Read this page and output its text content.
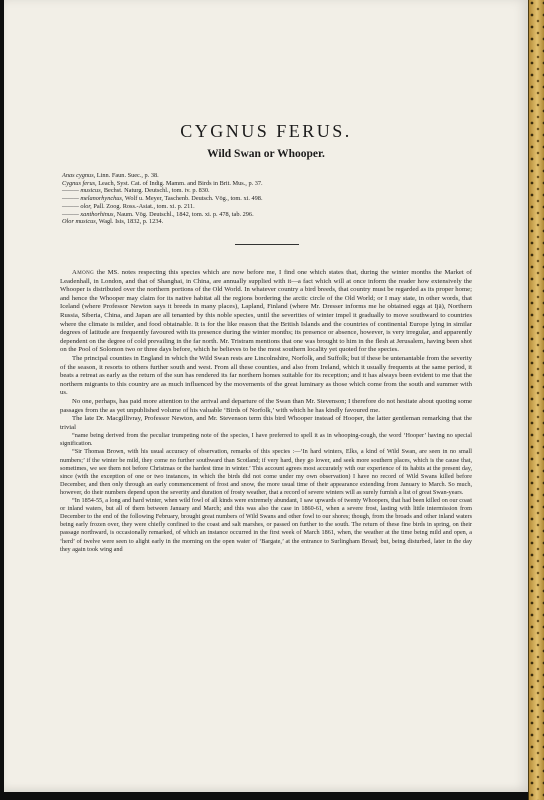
CYGNUS FERUS.
Wild Swan or Whooper.
Anas cygnus, Linn. Faun. Suec., p. 38.
Cygnus ferus, Leach, Syst. Cat. of Indig. Mamm. and Birds in Brit. Mus., p. 37.
——— musicus, Bechst. Naturg. Deutschl., tom. iv. p. 830.
——— melanorhynchus, Wolf u. Meyer, Taschenb. Deutsch. Vög., tom. xi. 498.
——— olor, Pall. Zoog. Ross.-Asiat., tom. xi. p. 211.
——— xanthorhinus, Naum. Vög. Deutschl., 1842, tom. xi. p. 478, tab. 296.
Olor musicus, Wagl. Isis, 1832, p. 1234.

Among the MS. notes respecting this species which are now before me, I find one which states that, during the winter months the Market of Leadenhall, in London, and that of Shanghai, in China, are annually supplied with it—a fact which will at once inform the reader how extensively the Whooper is distributed over the northern portions of the Old World. In whatever country a bird breeds, that country must be regarded as its proper home; and hence the Whooper may claim for its native habitat all the regions bordering the arctic circle of the Old World; or I may state, in other words, that Iceland (where Professor Newton says it breeds in many places), Lapland, Finland (where Mr. Dresser informs me he obtained eggs at Ijä), Northern Russia, Siberia, China, and Japan are all tenanted by this noble species, until the severities of winter impel it gradually to move southward to countries where the climate is milder, and food obtainable. It is for the like reason that the British Islands and the countries of continental Europe lying in similar degrees of latitude are frequently favoured with its presence during the winter months; its presence or absence, however, is very irregular, and apparently dependent on the degree of cold prevailing in the far north. Mr. Tristram mentions that one was brought to him in the flesh at Jerusalem, having been shot on the Pool of Solomon two or three days before, which he believes to be the most southern locality yet quoted for the species.

The principal counties in England in which the Wild Swan rests are Lincolnshire, Norfolk, and Suffolk; but if these be untenantable from the severity of the season, it resorts to others further south and west. From all these counties, and also from Ireland, which it usually frequents at the same period, it beats a retreat as early as the return of the sun has rendered its far northern homes suitable for its reception; and it has always been evident to me that the northern migrants to this country are as much influenced by the movements of the great luminary as those which come from the south and summer with us.

No one, perhaps, has paid more attention to the arrival and departure of the Swan than Mr. Stevenson; I therefore do not hesitate about quoting some passages from the as yet unpublished volume of his valuable ‘Birds of Norfolk,’ with which he has kindly favoured me.

The late Dr. Macgillivray, Professor Newton, and Mr. Stevenson term this bird Whooper instead of Hooper, the latter gentleman remarking that the trivial

“name being derived from the peculiar trumpeting note of the species, I have preferred to spell it as in whooping-cough, the word ‘Hooper’ having no special signification.

“Sir Thomas Brown, with his usual accuracy of observation, remarks of this species :—‘In hard winters, Elks, a kind of Wild Swan, are seen in no small numbers;’ if the winter be mild, they come no further southward than Scotland; if very hard, they go lower, and seek more southern places, which is the cause that, sometimes, we see them not before Christmas or the hardest time in winter.’ This account agrees most accurately with our experience of its habits at the present day, since (with the exception of one or two instances, in which the birds did not come under my own observation) I have no record of Wild Swans killed before December, and then only through an early commencement of frost and snow, the more usual time of their appearance extending from January to March. So much, however, do their numbers depend upon the severity and duration of frosty weather, that a record of severe winters will as surely furnish a list of great Swan-years.

“In 1854-55, a long and hard winter, when wild fowl of all kinds were extremely abundant, I saw upwards of twenty Whoopers, that had been killed on our coast or inland waters, but all of them between January and March; and this was also the case in 1860-61, when a severe frost, lasting with little intermission from December to the end of the following February, brought great numbers of Wild Swans and other fowl to our shores; though, from the broads and other inland waters being early frozen over, they were chiefly confined to the coast and salt marshes, or passed on further to the south. The return of these fine birds in spring, on their passage northward, is occasionally remarked, of which an instance occurred in the first week of March 1861, when, the weather at the time being mild and open, a ‘herd’ of twelve were seen to alight early in the morning on the open water of ‘Bargate,’ at the entrance to Surlingham Broad; but, being disturbed, later in the day they again took wing and
